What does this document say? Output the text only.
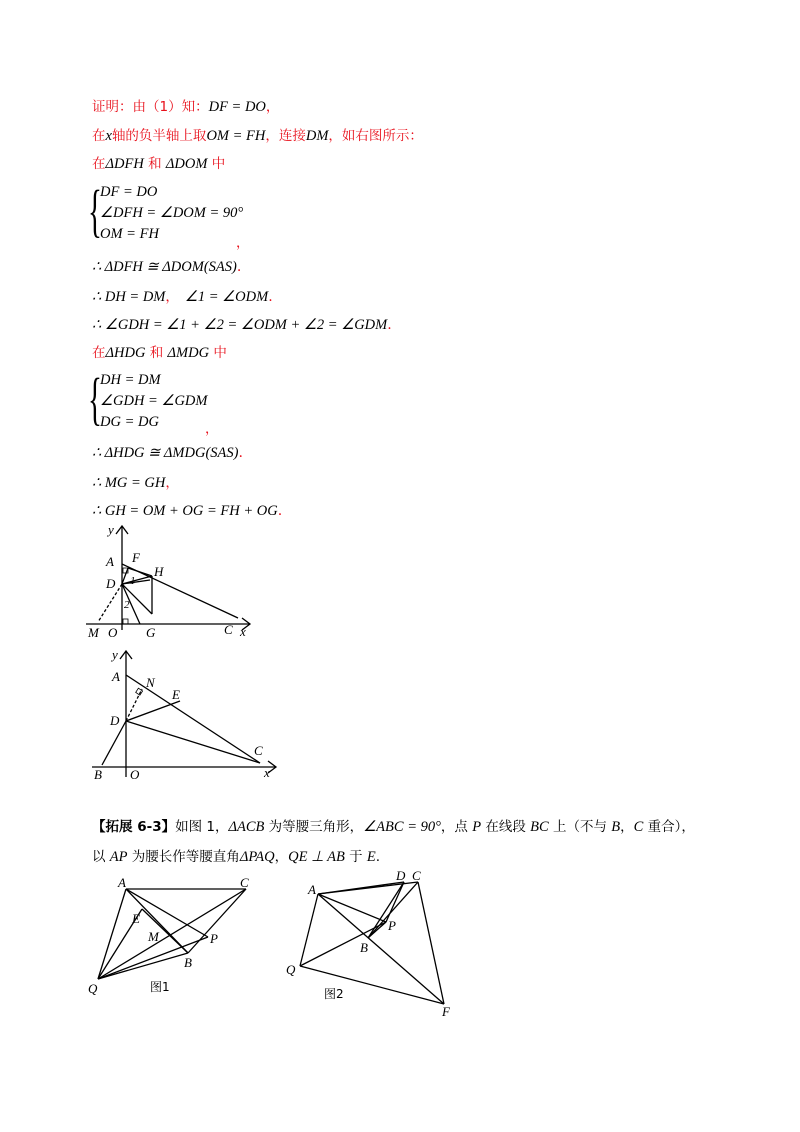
证明：由（1）知：DF = DO，
在x轴的负半轴上取OM = FH，连接DM，如右图所示：
在ΔDFH 和 ΔDOM 中
{
DF = DO
∠DFH = ∠DOM = 90°
OM = FH
，
∴ ΔDFH ≅ ΔDOM(SAS).
∴ DH = DM， ∠1 = ∠ODM.
∴ ∠GDH = ∠1 + ∠2 = ∠ODM + ∠2 = ∠GDM.
在ΔHDG 和 ΔMDG 中
{
DH = DM
∠GDH = ∠GDM
DG = DG	，
∴ ΔHDG ≅ ΔMDG(SAS).
∴ MG = GH，
∴ GH = OM + OG = FH + OG.
y
A F
H
D 1
2
M O G	C x
y
A N
E
D
B O
C
x
【拓展 6-3】如图 1，ΔACB 为等腰三角形，∠ABC = 90°，点 P 在线段 BC 上（不与 B，C 重合），
以 AP 为腰长作等腰直角ΔPAQ，QE ⊥ AB 于 E.
A	C
E
M	P
B
Q	图1
A
D C
P
B
Q
F
图2
